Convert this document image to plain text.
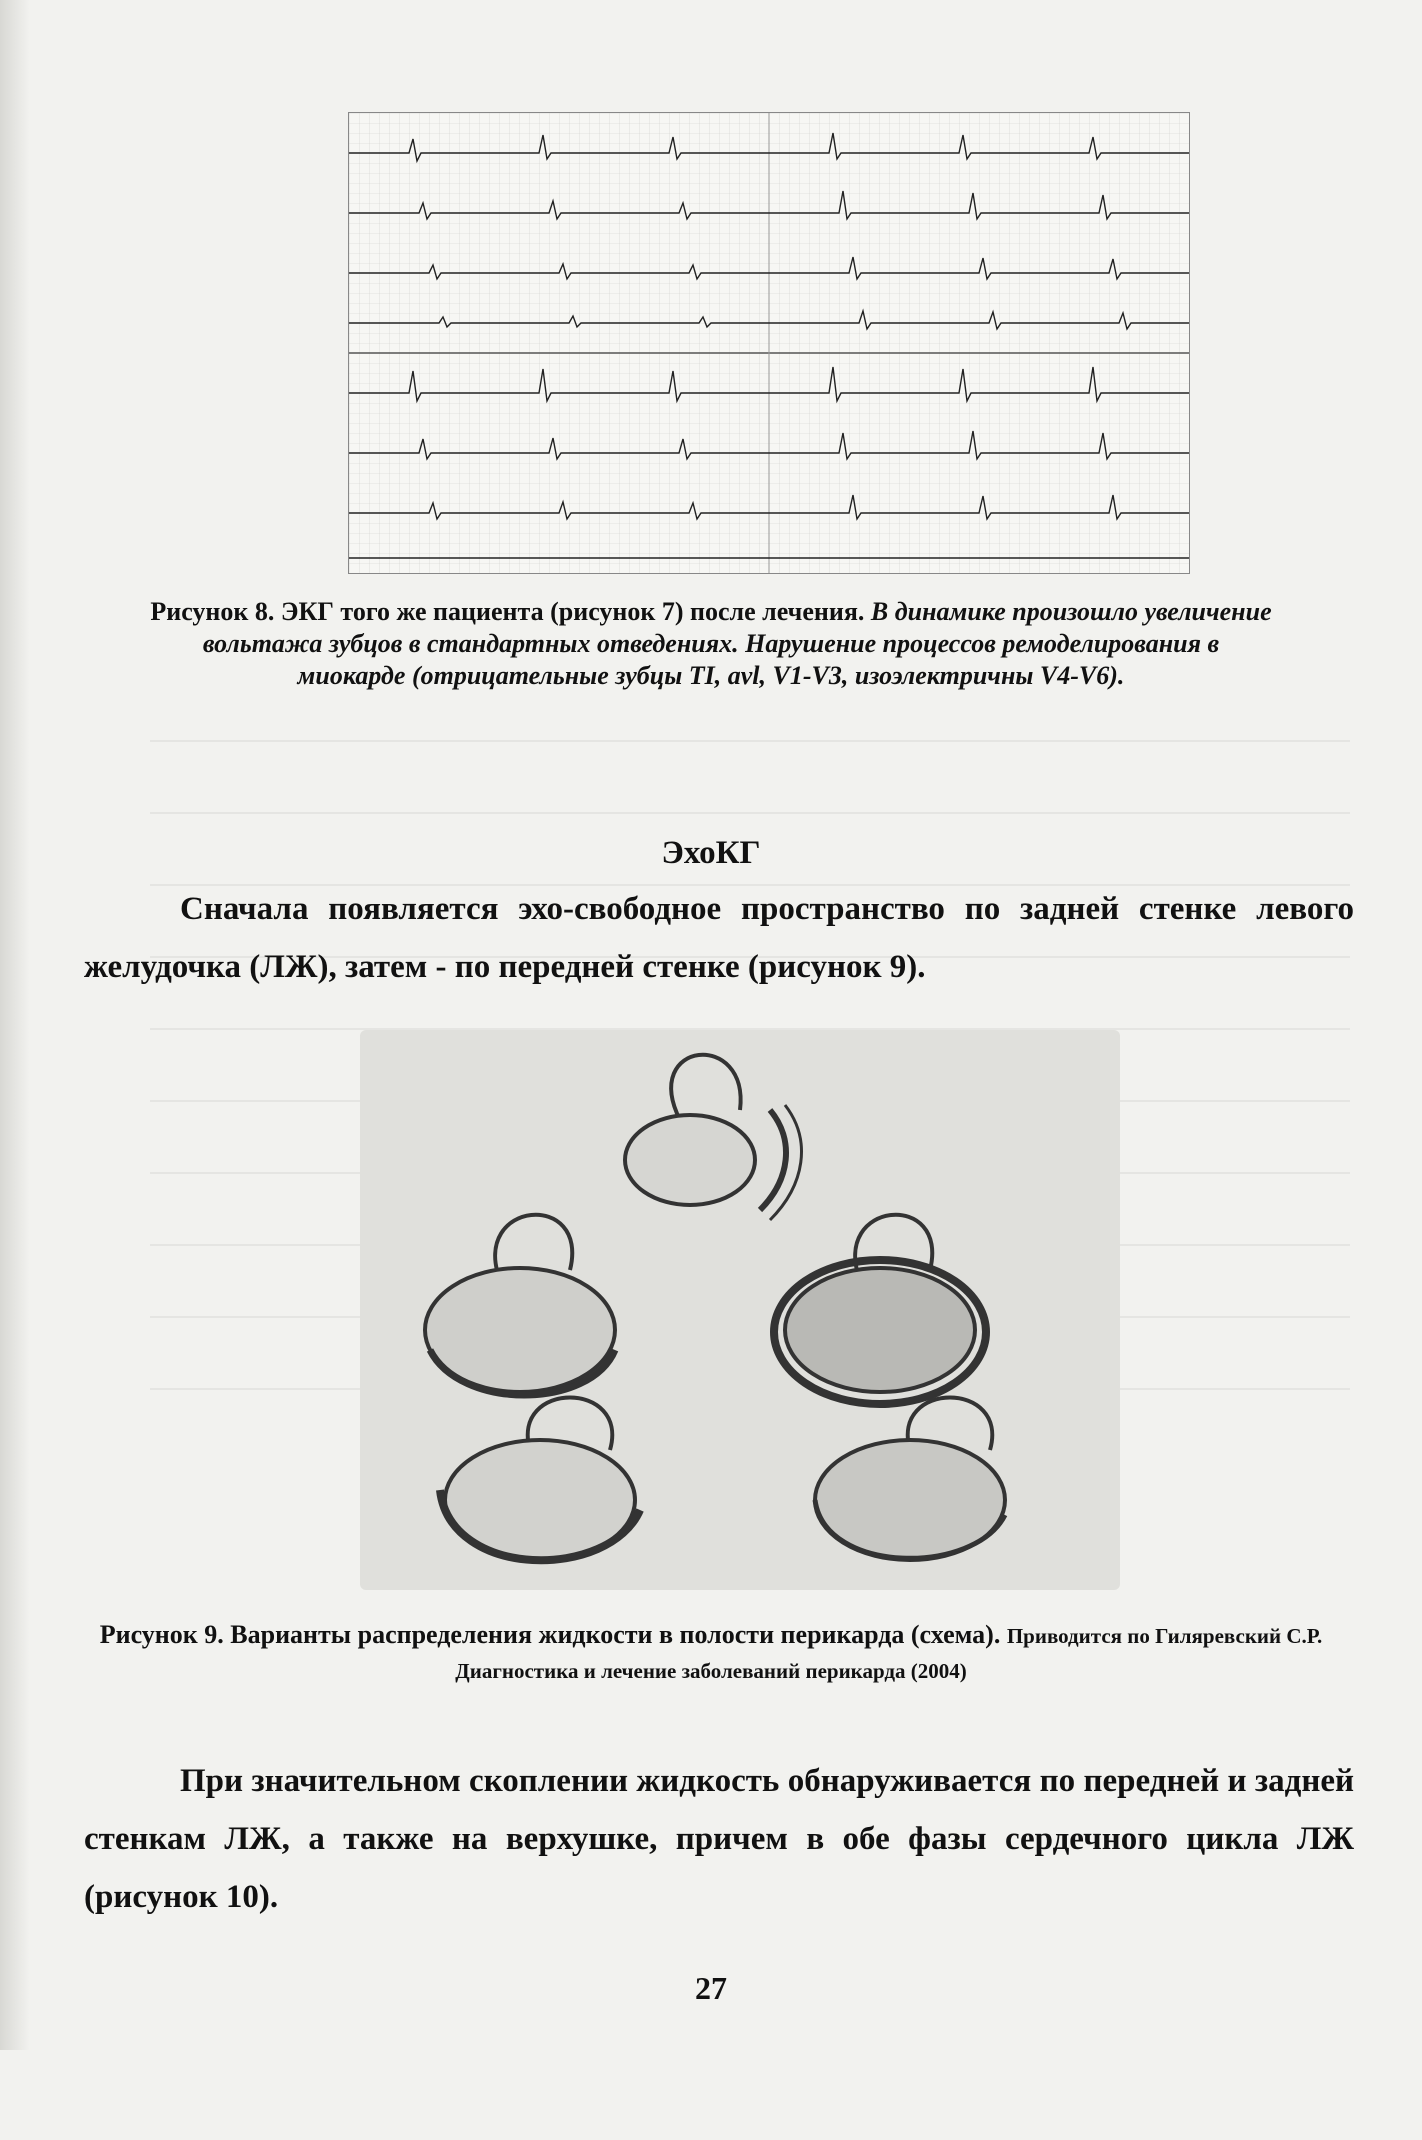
Рисунок 8. ЭКГ того же пациента (рисунок 7) после лечения. В динамике произошло увеличение вольтажа зубцов в стандартных отведениях. Нарушение процессов ремоделирования в миокарде (отрицательные зубцы TI, avl, V1-V3, изоэлектричны V4-V6).
ЭхоКГ
Сначала появляется эхо-свободное пространство по задней стенке левого желудочка (ЛЖ), затем - по передней стенке (рисунок 9).
Рисунок 9. Варианты распределения жидкости в полости перикарда (схема). Приводится по Гиляревский С.Р. Диагностика и лечение заболеваний перикарда (2004)
При значительном скоплении жидкость обнаруживается по передней и задней стенкам ЛЖ, а также на верхушке, причем в обе фазы сердечного цикла ЛЖ (рисунок 10).
27
